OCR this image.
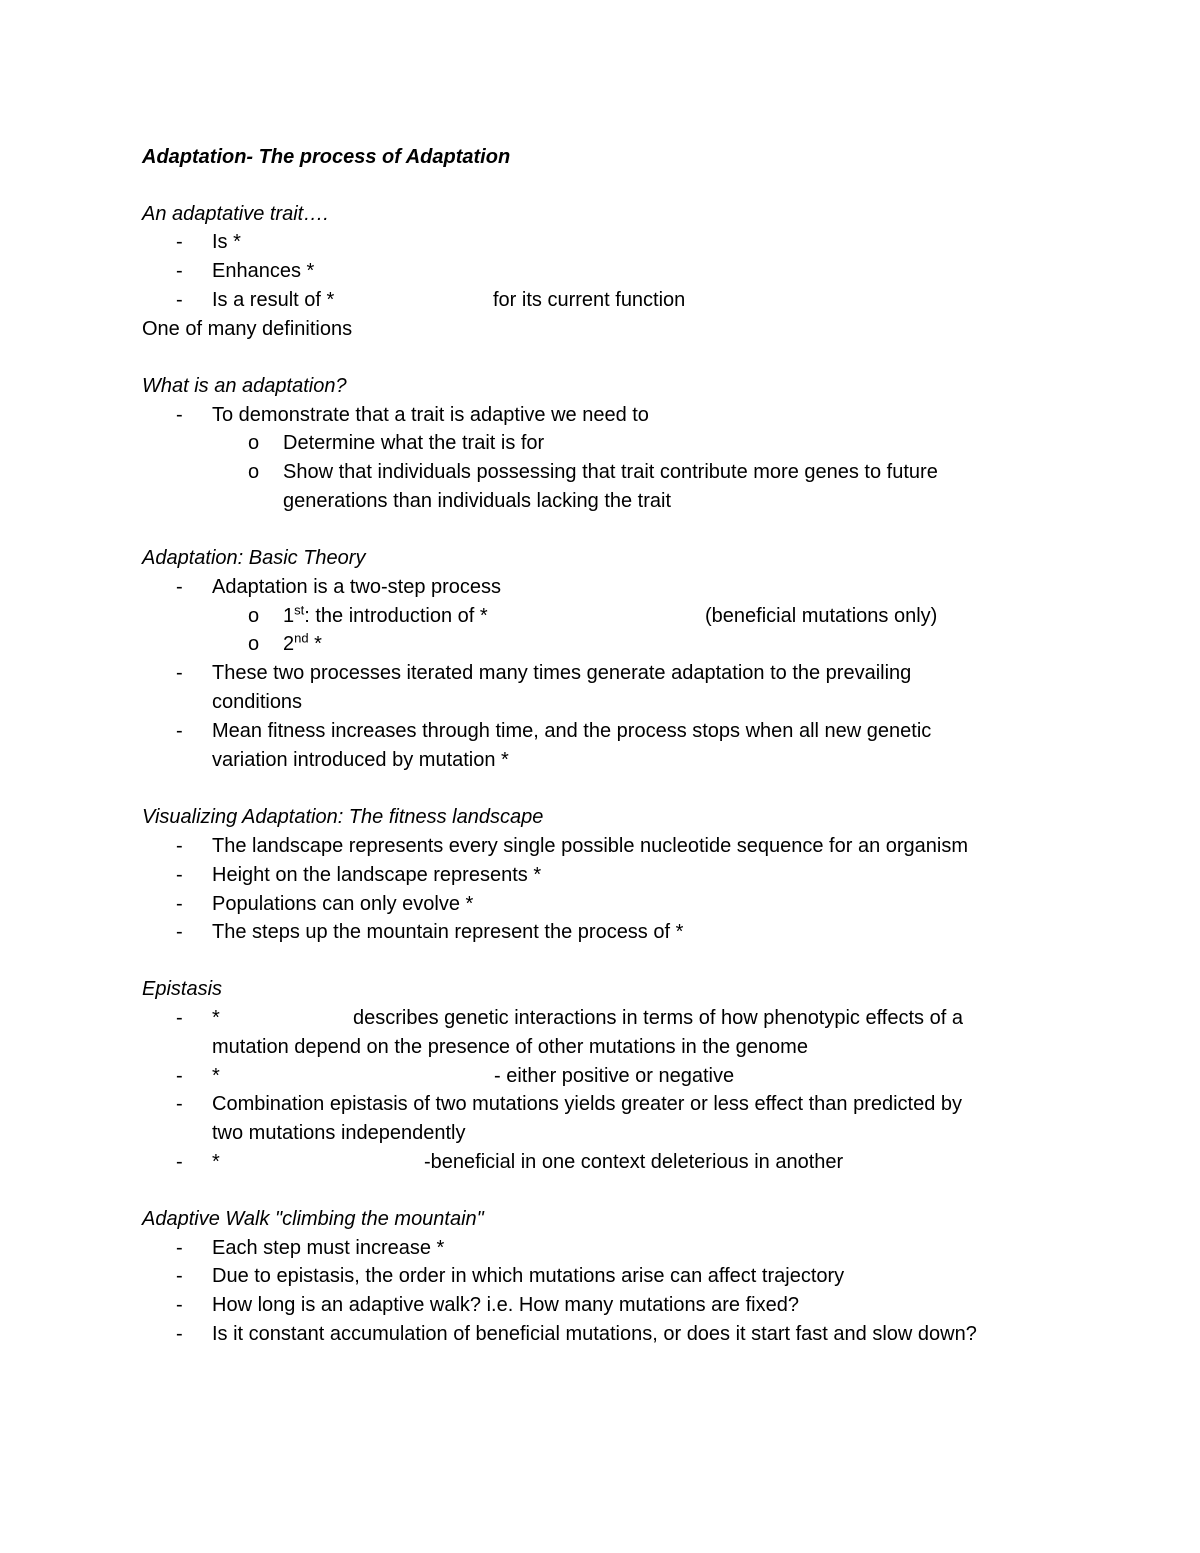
Adaptation- The process of Adaptation
An adaptative trait….
- Is *
- Enhances *
- Is a result of *	for its current function
One of many definitions
What is an adaptation?
- To demonstrate that a trait is adaptive we need to
o Determine what the trait is for
o Show that individuals possessing that trait contribute more genes to future
generations than individuals lacking the trait
Adaptation: Basic Theory
- Adaptation is a two-step process
o 1st: the introduction of *	(beneficial mutations only)
o 2nd *
- These two processes iterated many times generate adaptation to the prevailing
conditions
- Mean fitness increases through time, and the process stops when all new genetic
variation introduced by mutation *
Visualizing Adaptation: The fitness landscape
- The landscape represents every single possible nucleotide sequence for an organism
- Height on the landscape represents *
- Populations can only evolve *
- The steps up the mountain represent the process of *
Epistasis
- *	describes genetic interactions in terms of how phenotypic effects of a
mutation depend on the presence of other mutations in the genome
- *	- either positive or negative
- Combination epistasis of two mutations yields greater or less effect than predicted by
two mutations independently
- *	-beneficial in one context deleterious in another
Adaptive Walk "climbing the mountain"
- Each step must increase *
- Due to epistasis, the order in which mutations arise can affect trajectory
- How long is an adaptive walk? i.e. How many mutations are fixed?
- Is it constant accumulation of beneficial mutations, or does it start fast and slow down?
